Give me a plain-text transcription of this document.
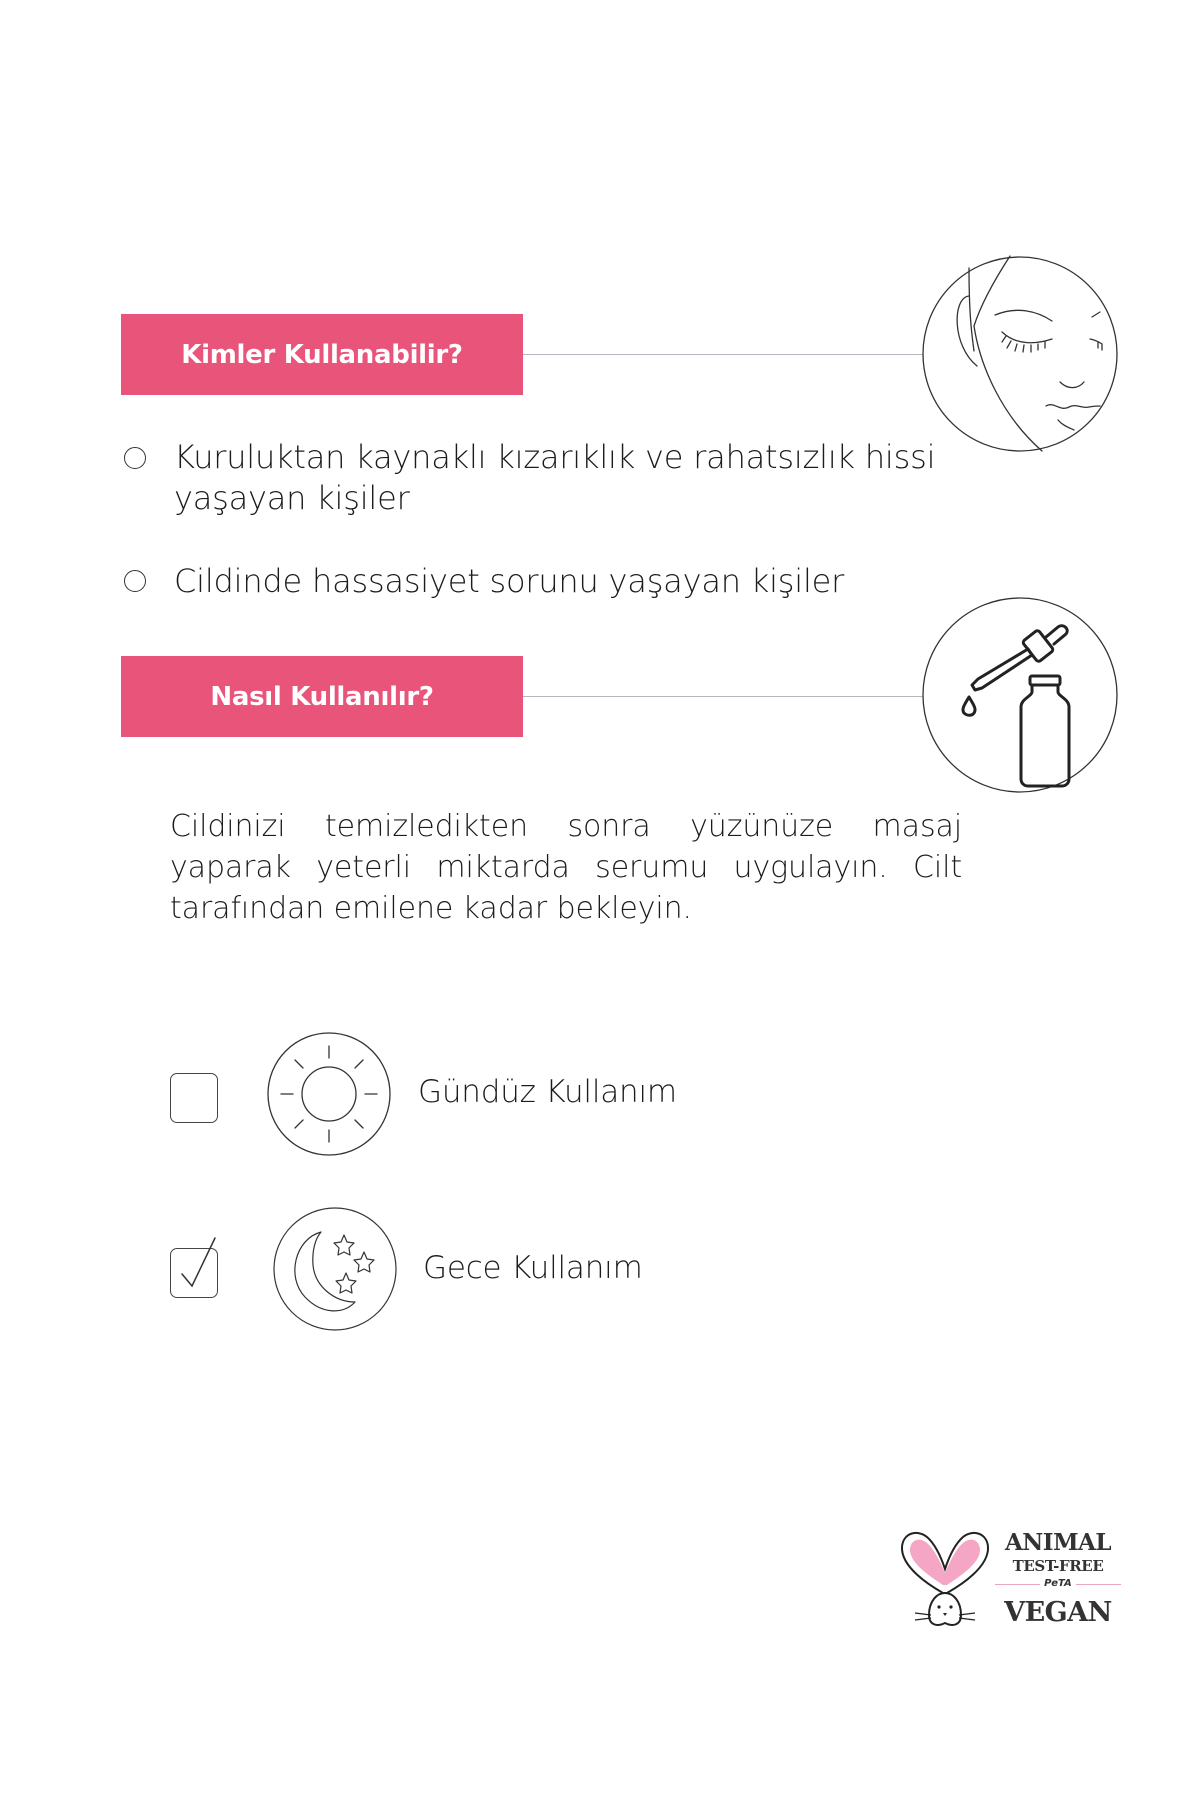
Kimler Kullanabilir?
Kuruluktan kaynaklı kızarıklık ve rahatsızlık hissi
yaşayan kişiler
Cildinde hassasiyet sorunu yaşayan kişiler
Nasıl Kullanılır?
Cildinizi temizledikten sonra yüzünüze masaj yaparak yeterli miktarda serumu uygulayın. Cilt tarafından emilene kadar bekleyin.
Gündüz Kullanım
Gece Kullanım
ANIMAL
TEST-FREE
PeTA
VEGAN
